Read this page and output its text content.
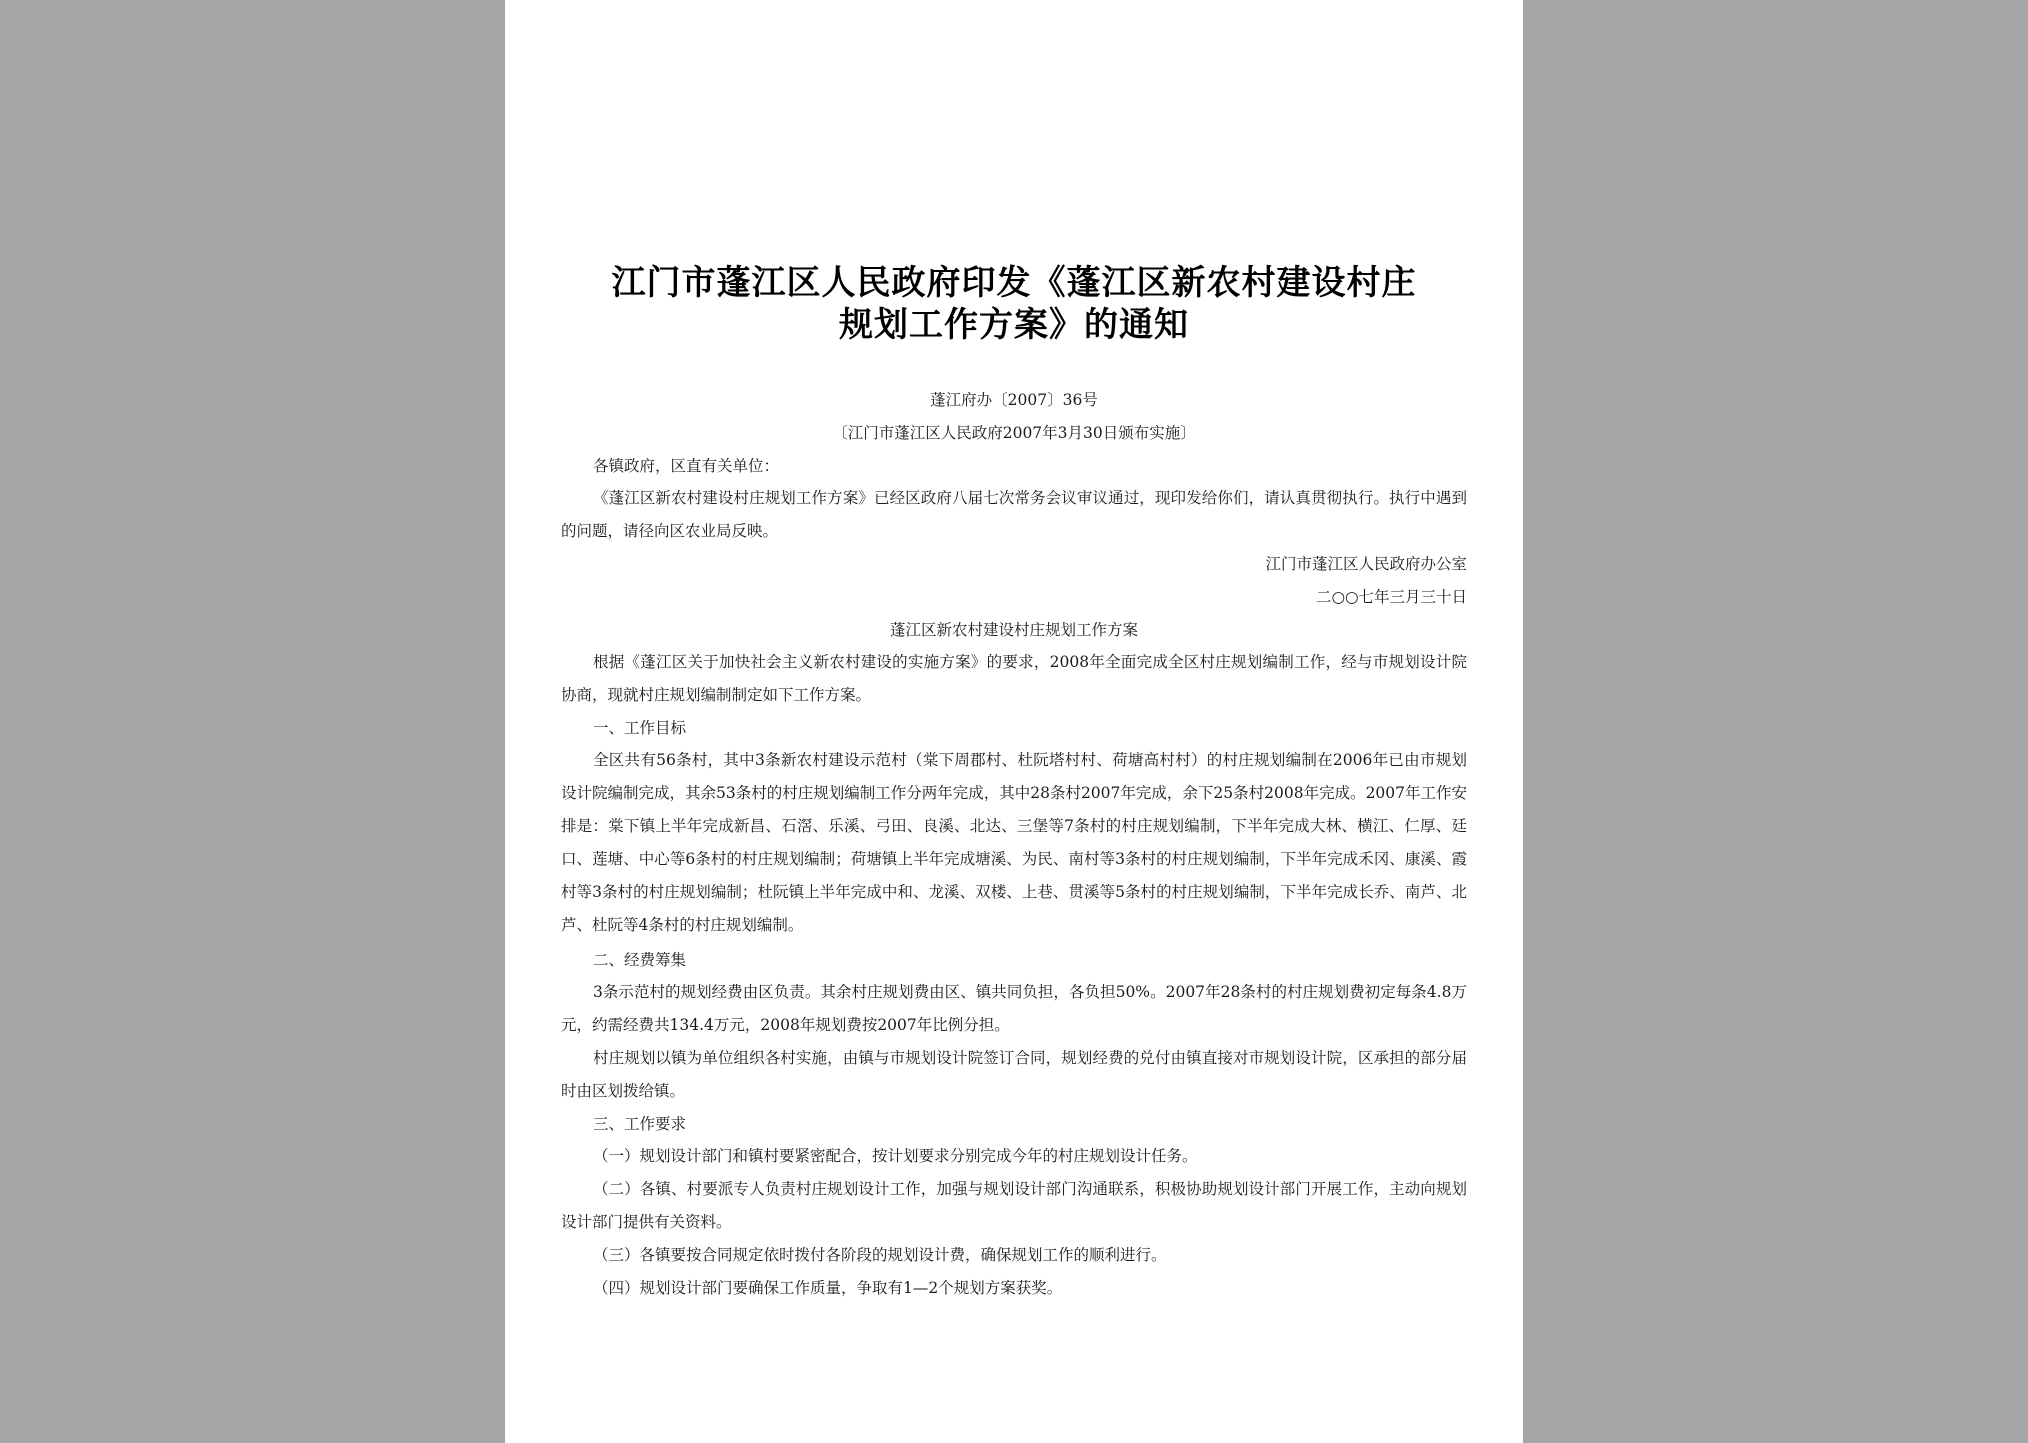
江门市蓬江区人民政府印发《蓬江区新农村建设村庄
规划工作方案》的通知
蓬江府办〔2007〕36号
〔江门市蓬江区人民政府2007年3月30日颁布实施〕
各镇政府，区直有关单位：
《蓬江区新农村建设村庄规划工作方案》已经区政府八届七次常务会议审议通过，现印发给你们，请认真贯彻执行。执行中遇到的问题，请径向区农业局反映。
江门市蓬江区人民政府办公室
二○○七年三月三十日
蓬江区新农村建设村庄规划工作方案
根据《蓬江区关于加快社会主义新农村建设的实施方案》的要求，2008年全面完成全区村庄规划编制工作，经与市规划设计院协商，现就村庄规划编制制定如下工作方案。
一、工作目标
全区共有56条村，其中3条新农村建设示范村（棠下周郡村、杜阮塔村村、荷塘高村村）的村庄规划编制在2006年已由市规划设计院编制完成，其余53条村的村庄规划编制工作分两年完成，其中28条村2007年完成，余下25条村2008年完成。2007年工作安排是：棠下镇上半年完成新昌、石滘、乐溪、弓田、良溪、北达、三堡等7条村的村庄规划编制，下半年完成大林、横江、仁厚、廷口、莲塘、中心等6条村的村庄规划编制；荷塘镇上半年完成塘溪、为民、南村等3条村的村庄规划编制，下半年完成禾冈、康溪、霞村等3条村的村庄规划编制；杜阮镇上半年完成中和、龙溪、双楼、上巷、贯溪等5条村的村庄规划编制，下半年完成长乔、南芦、北芦、杜阮等4条村的村庄规划编制。
二、经费筹集
3条示范村的规划经费由区负责。其余村庄规划费由区、镇共同负担，各负担50%。2007年28条村的村庄规划费初定每条4.8万元，约需经费共134.4万元，2008年规划费按2007年比例分担。
村庄规划以镇为单位组织各村实施，由镇与市规划设计院签订合同，规划经费的兑付由镇直接对市规划设计院，区承担的部分届时由区划拨给镇。
三、工作要求
（一）规划设计部门和镇村要紧密配合，按计划要求分别完成今年的村庄规划设计任务。
（二）各镇、村要派专人负责村庄规划设计工作，加强与规划设计部门沟通联系，积极协助规划设计部门开展工作，主动向规划设计部门提供有关资料。
（三）各镇要按合同规定依时拨付各阶段的规划设计费，确保规划工作的顺利进行。
（四）规划设计部门要确保工作质量，争取有1—2个规划方案获奖。
